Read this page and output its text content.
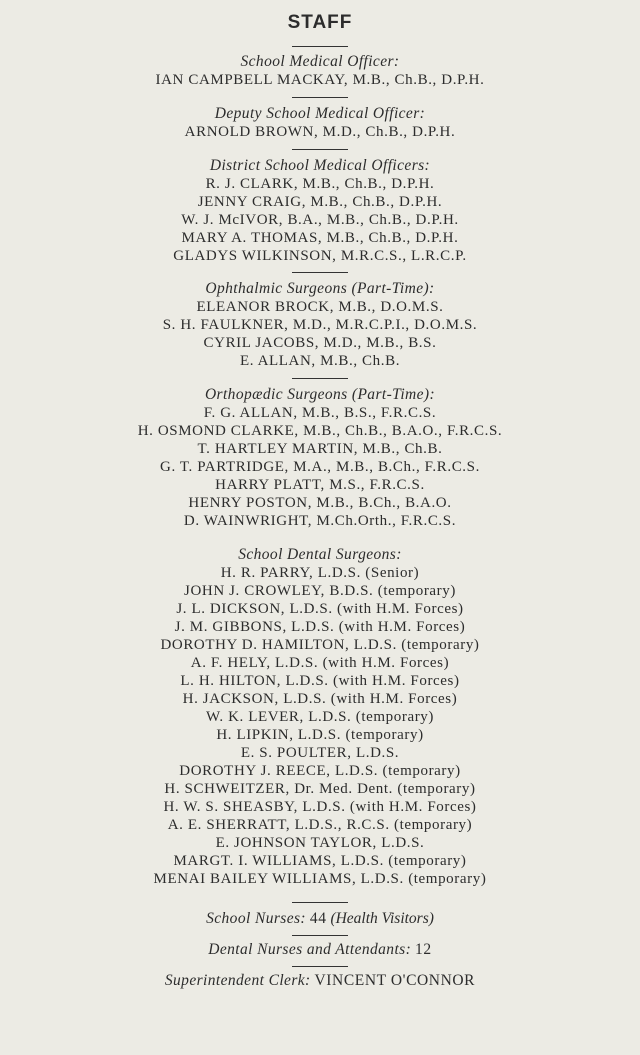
STAFF
School Medical Officer:
IAN CAMPBELL MACKAY, M.B., Ch.B., D.P.H.
Deputy School Medical Officer:
ARNOLD BROWN, M.D., Ch.B., D.P.H.
District School Medical Officers:
R. J. CLARK, M.B., Ch.B., D.P.H.
JENNY CRAIG, M.B., Ch.B., D.P.H.
W. J. McIVOR, B.A., M.B., Ch.B., D.P.H.
MARY A. THOMAS, M.B., Ch.B., D.P.H.
GLADYS WILKINSON, M.R.C.S., L.R.C.P.
Ophthalmic Surgeons (Part-Time):
ELEANOR BROCK, M.B., D.O.M.S.
S. H. FAULKNER, M.D., M.R.C.P.I., D.O.M.S.
CYRIL JACOBS, M.D., M.B., B.S.
E. ALLAN, M.B., Ch.B.
Orthopædic Surgeons (Part-Time):
F. G. ALLAN, M.B., B.S., F.R.C.S.
H. OSMOND CLARKE, M.B., Ch.B., B.A.O., F.R.C.S.
T. HARTLEY MARTIN, M.B., Ch.B.
G. T. PARTRIDGE, M.A., M.B., B.Ch., F.R.C.S.
HARRY PLATT, M.S., F.R.C.S.
HENRY POSTON, M.B., B.Ch., B.A.O.
D. WAINWRIGHT, M.Ch.Orth., F.R.C.S.
School Dental Surgeons:
H. R. PARRY, L.D.S. (Senior)
JOHN J. CROWLEY, B.D.S. (temporary)
J. L. DICKSON, L.D.S. (with H.M. Forces)
J. M. GIBBONS, L.D.S. (with H.M. Forces)
DOROTHY D. HAMILTON, L.D.S. (temporary)
A. F. HELY, L.D.S. (with H.M. Forces)
L. H. HILTON, L.D.S. (with H.M. Forces)
H. JACKSON, L.D.S. (with H.M. Forces)
W. K. LEVER, L.D.S. (temporary)
H. LIPKIN, L.D.S. (temporary)
E. S. POULTER, L.D.S.
DOROTHY J. REECE, L.D.S. (temporary)
H. SCHWEITZER, Dr. Med. Dent. (temporary)
H. W. S. SHEASBY, L.D.S. (with H.M. Forces)
A. E. SHERRATT, L.D.S., R.C.S. (temporary)
E. JOHNSON TAYLOR, L.D.S.
MARGT. I. WILLIAMS, L.D.S. (temporary)
MENAI BAILEY WILLIAMS, L.D.S. (temporary)
School Nurses: 44 (Health Visitors)
Dental Nurses and Attendants: 12
Superintendent Clerk: VINCENT O'CONNOR
